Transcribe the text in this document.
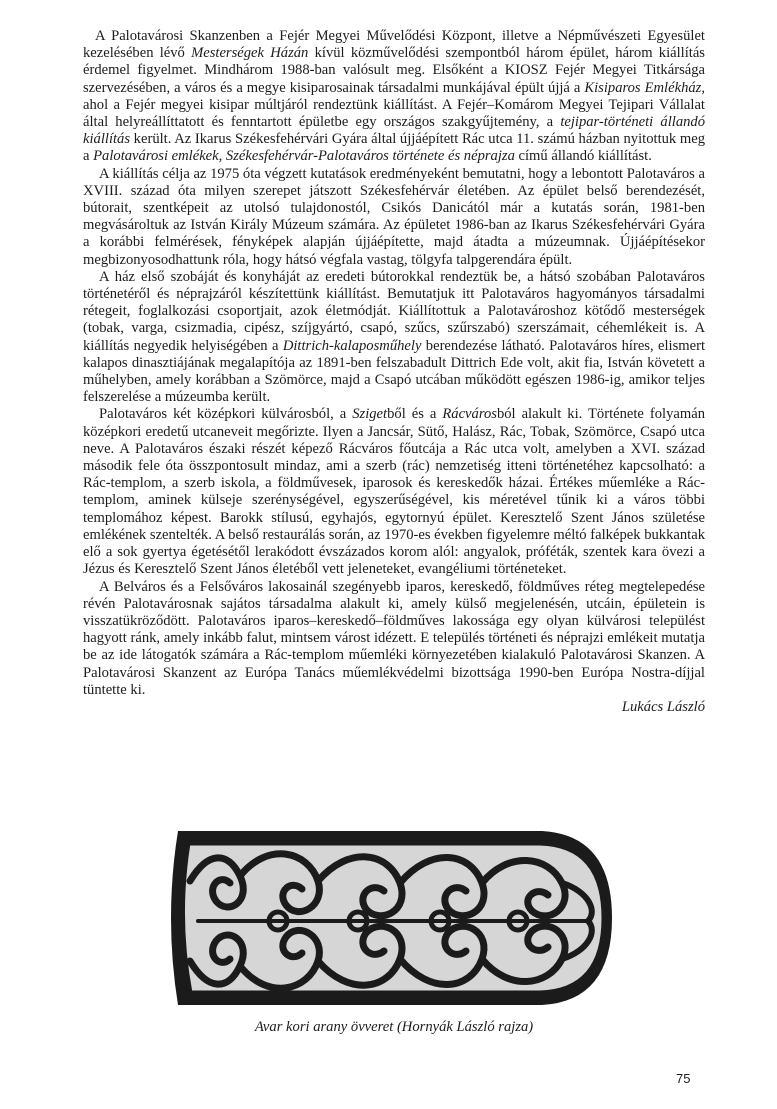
A Palotavárosi Skanzenben a Fejér Megyei Művelődési Központ, illetve a Népművészeti Egyesület kezelésében lévő Mesterségek Házán kívül közművelődési szempontból három épület, három kiállítás érdemel figyelmet. Mindhárom 1988-ban valósult meg. Elsőként a KIOSZ Fejér Megyei Titkársága szervezésében, a város és a megye kisiparosainak társadalmi munkájával épült újjá a Kisiparos Emlékház, ahol a Fejér megyei kisipar múltjáról rendeztünk kiállítást. A Fejér–Komárom Megyei Tejipari Vállalat által helyreállíttatott és fenntartott épületbe egy országos szakgyűjtemény, a tejipar-történeti állandó kiállítás került. Az Ikarus Székesfehérvári Gyára által újjáépített Rác utca 11. számú házban nyitottuk meg a Palotavárosi emlékek, Székesfehérvár-Palotaváros története és néprajza című állandó kiállítást.

A kiállítás célja az 1975 óta végzett kutatások eredményeként bemutatni, hogy a lebontott Palotaváros a XVIII. század óta milyen szerepet játszott Székesfehérvár életében. Az épület belső berendezését, bútorait, szentképeit az utolsó tulajdonostól, Csikós Danicától már a kutatás során, 1981-ben megvásároltuk az István Király Múzeum számára. Az épületet 1986-ban az Ikarus Székesfehérvári Gyára a korábbi felmérések, fényképek alapján újjáépítette, majd átadta a múzeumnak. Újjáépítésekor megbizonyosodhattunk róla, hogy hátsó végfala vastag, tölgyfa talpgerendára épült.

A ház első szobáját és konyháját az eredeti bútorokkal rendeztük be, a hátsó szobában Palotaváros történetéről és néprajzáról készítettünk kiállítást. Bemutatjuk itt Palotaváros hagyományos társadalmi rétegeit, foglalkozási csoportjait, azok életmódját. Kiállítottuk a Palotavároshoz kötődő mesterségek (tobak, varga, csizmadia, cipész, szíjgyártó, csapó, szűcs, szűrszabó) szerszámait, céhemlékeit is. A kiállítás negyedik helyiségében a Dittrich-kalaposműhely berendezése látható. Palotaváros híres, elismert kalapos dinasztiájának megalapítója az 1891-ben felszabadult Dittrich Ede volt, akit fia, István követett a műhelyben, amely korábban a Szömörce, majd a Csapó utcában működött egészen 1986-ig, amikor teljes felszerelése a múzeumba került.

Palotaváros két középkori külvárosból, a Szigetből és a Rácvárosból alakult ki. Története folyamán középkori eredetű utcaneveit megőrizte. Ilyen a Jancsár, Sütő, Halász, Rác, Tobak, Szömörce, Csapó utca neve. A Palotaváros északi részét képező Rácváros főutcája a Rác utca volt, amelyben a XVI. század második fele óta összpontosult mindaz, ami a szerb (rác) nemzetiség itteni történetéhez kapcsolható: a Rác-templom, a szerb iskola, a földművesek, iparosok és kereskedők házai. Értékes műemléke a Rác-templom, aminek külseje szerénységével, egyszerűségével, kis méretével tűnik ki a város többi templomához képest. Barokk stílusú, egyhajós, egytornyú épület. Keresztelő Szent János születése emlékének szentelték. A belső restaurálás során, az 1970-es években figyelemre méltó falképek bukkantak elő a sok gyertya égetésétől lerakódott évszázados korom alól: angyalok, próféták, szentek kara övezi a Jézus és Keresztelő Szent János életéből vett jeleneteket, evangéliumi történeteket.

A Belváros és a Felsőváros lakosainál szegényebb iparos, kereskedő, földműves réteg megtelepedése révén Palotavárosnak sajátos társadalma alakult ki, amely külső megjelenésén, utcáin, épületein is visszatükröződött. Palotaváros iparos–kereskedő–földműves lakossága egy olyan külvárosi települést hagyott ránk, amely inkább falut, mintsem várost idézett. E település történeti és néprajzi emlékeit mutatja be az ide látogatók számára a Rác-templom műemléki környezetében kialakuló Palotavárosi Skanzen. A Palotavárosi Skanzent az Európa Tanács műemlékvédelmi bizottsága 1990-ben Európa Nostra-díjjal tüntette ki.

Lukács László

Avar kori arany övveret (Hornyák László rajza)
75
